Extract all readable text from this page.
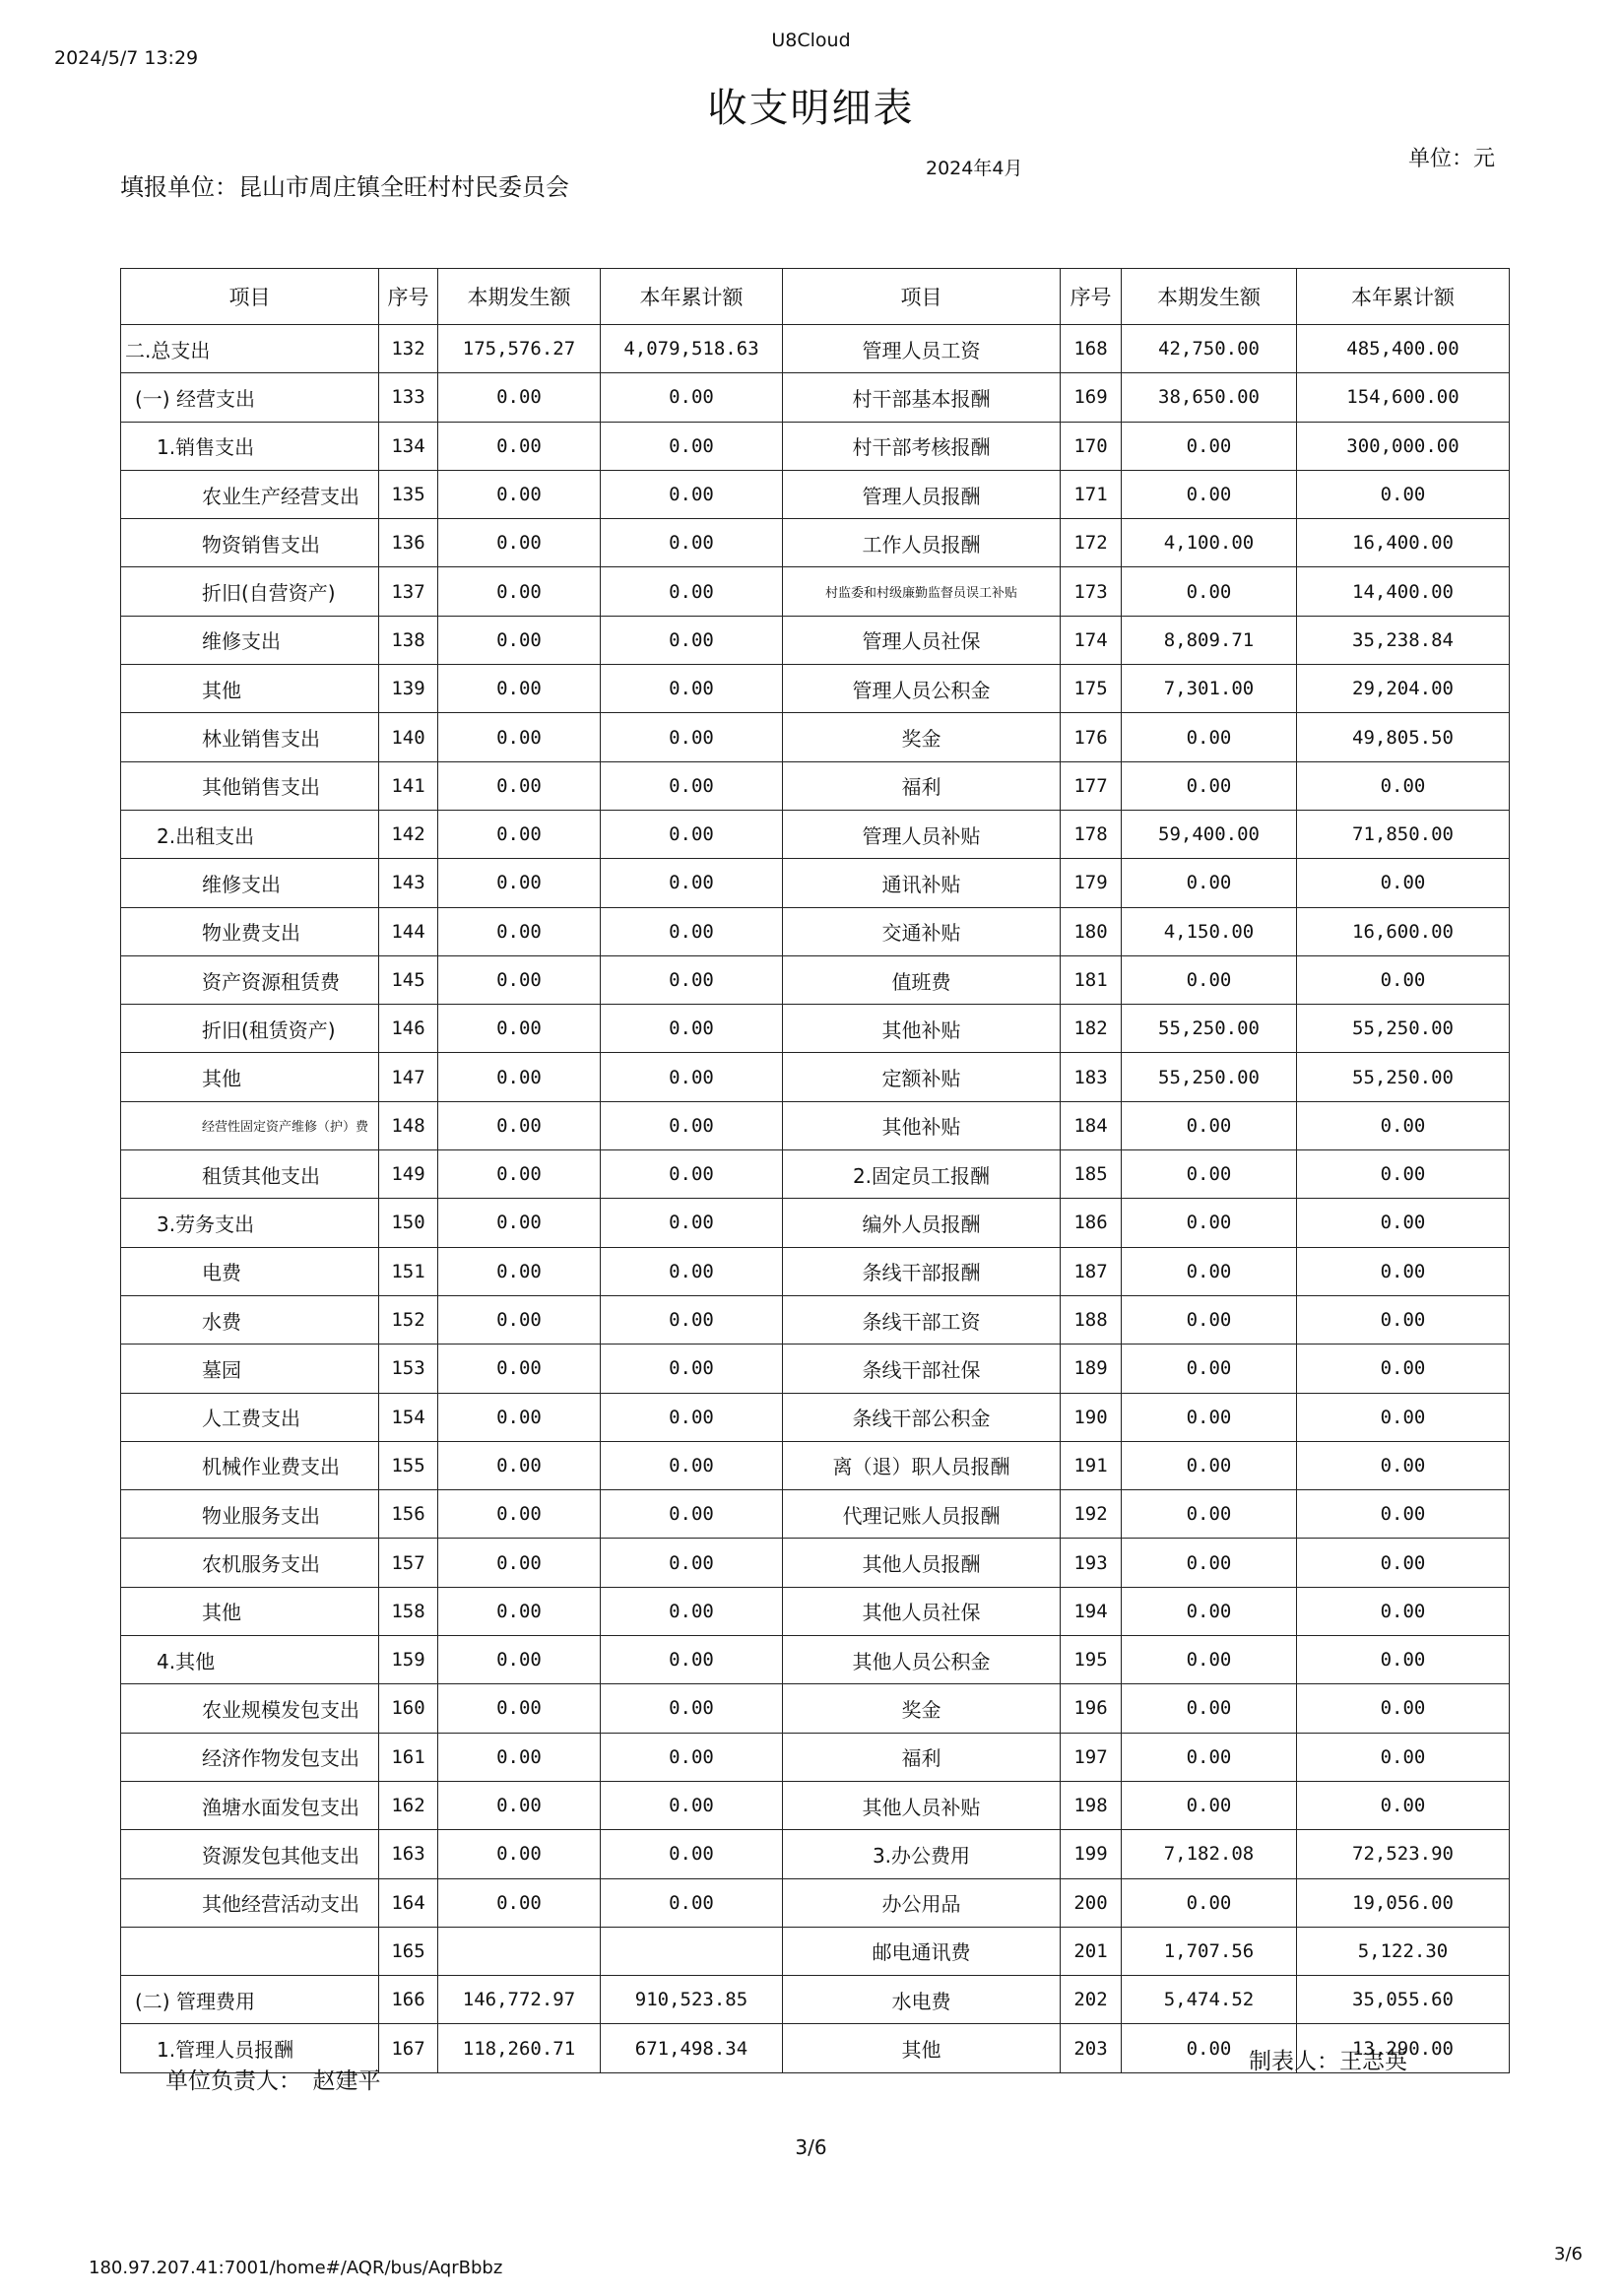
2024/5/7 13:29
U8Cloud
收支明细表
填报单位：昆山市周庄镇全旺村村民委员会
2024年4月	单位：元
项目	序号	本期发生额	本年累计额	项目	序号	本期发生额	本年累计额
二.总支出	132	175,576.27	4,079,518.63	管理人员工资	168	42,750.00	485,400.00
(一) 经营支出	133	0.00	0.00	村干部基本报酬	169	38,650.00	154,600.00
1.销售支出	134	0.00	0.00	村干部考核报酬	170	0.00	300,000.00
农业生产经营支出	135	0.00	0.00	管理人员报酬	171	0.00	0.00
物资销售支出	136	0.00	0.00	工作人员报酬	172	4,100.00	16,400.00
折旧(自营资产)	137	0.00	0.00	村监委和村级廉勤监督员误工补贴	173	0.00	14,400.00
维修支出	138	0.00	0.00	管理人员社保	174	8,809.71	35,238.84
其他	139	0.00	0.00	管理人员公积金	175	7,301.00	29,204.00
林业销售支出	140	0.00	0.00	奖金	176	0.00	49,805.50
其他销售支出	141	0.00	0.00	福利	177	0.00	0.00
2.出租支出	142	0.00	0.00	管理人员补贴	178	59,400.00	71,850.00
维修支出	143	0.00	0.00	通讯补贴	179	0.00	0.00
物业费支出	144	0.00	0.00	交通补贴	180	4,150.00	16,600.00
资产资源租赁费	145	0.00	0.00	值班费	181	0.00	0.00
折旧(租赁资产)	146	0.00	0.00	其他补贴	182	55,250.00	55,250.00
其他	147	0.00	0.00	定额补贴	183	55,250.00	55,250.00
经营性固定资产维修（护）费	148	0.00	0.00	其他补贴	184	0.00	0.00
租赁其他支出	149	0.00	0.00	2.固定员工报酬	185	0.00	0.00
3.劳务支出	150	0.00	0.00	编外人员报酬	186	0.00	0.00
电费	151	0.00	0.00	条线干部报酬	187	0.00	0.00
水费	152	0.00	0.00	条线干部工资	188	0.00	0.00
墓园	153	0.00	0.00	条线干部社保	189	0.00	0.00
人工费支出	154	0.00	0.00	条线干部公积金	190	0.00	0.00
机械作业费支出	155	0.00	0.00	离（退）职人员报酬	191	0.00	0.00
物业服务支出	156	0.00	0.00	代理记账人员报酬	192	0.00	0.00
农机服务支出	157	0.00	0.00	其他人员报酬	193	0.00	0.00
其他	158	0.00	0.00	其他人员社保	194	0.00	0.00
4.其他	159	0.00	0.00	其他人员公积金	195	0.00	0.00
农业规模发包支出	160	0.00	0.00	奖金	196	0.00	0.00
经济作物发包支出	161	0.00	0.00	福利	197	0.00	0.00
渔塘水面发包支出	162	0.00	0.00	其他人员补贴	198	0.00	0.00
资源发包其他支出	163	0.00	0.00	3.办公费用	199	7,182.08	72,523.90
其他经营活动支出	164	0.00	0.00	办公用品	200	0.00	19,056.00
	165			邮电通讯费	201	1,707.56	5,122.30
(二) 管理费用	166	146,772.97	910,523.85	水电费	202	5,474.52	35,055.60
1.管理人员报酬	167	118,260.71	671,498.34	其他	203	0.00	13,290.00
单位负责人：　赵建平
制表人：王志英
3/6
180.97.207.41:7001/home#/AQR/bus/AqrBbbz
3/6
